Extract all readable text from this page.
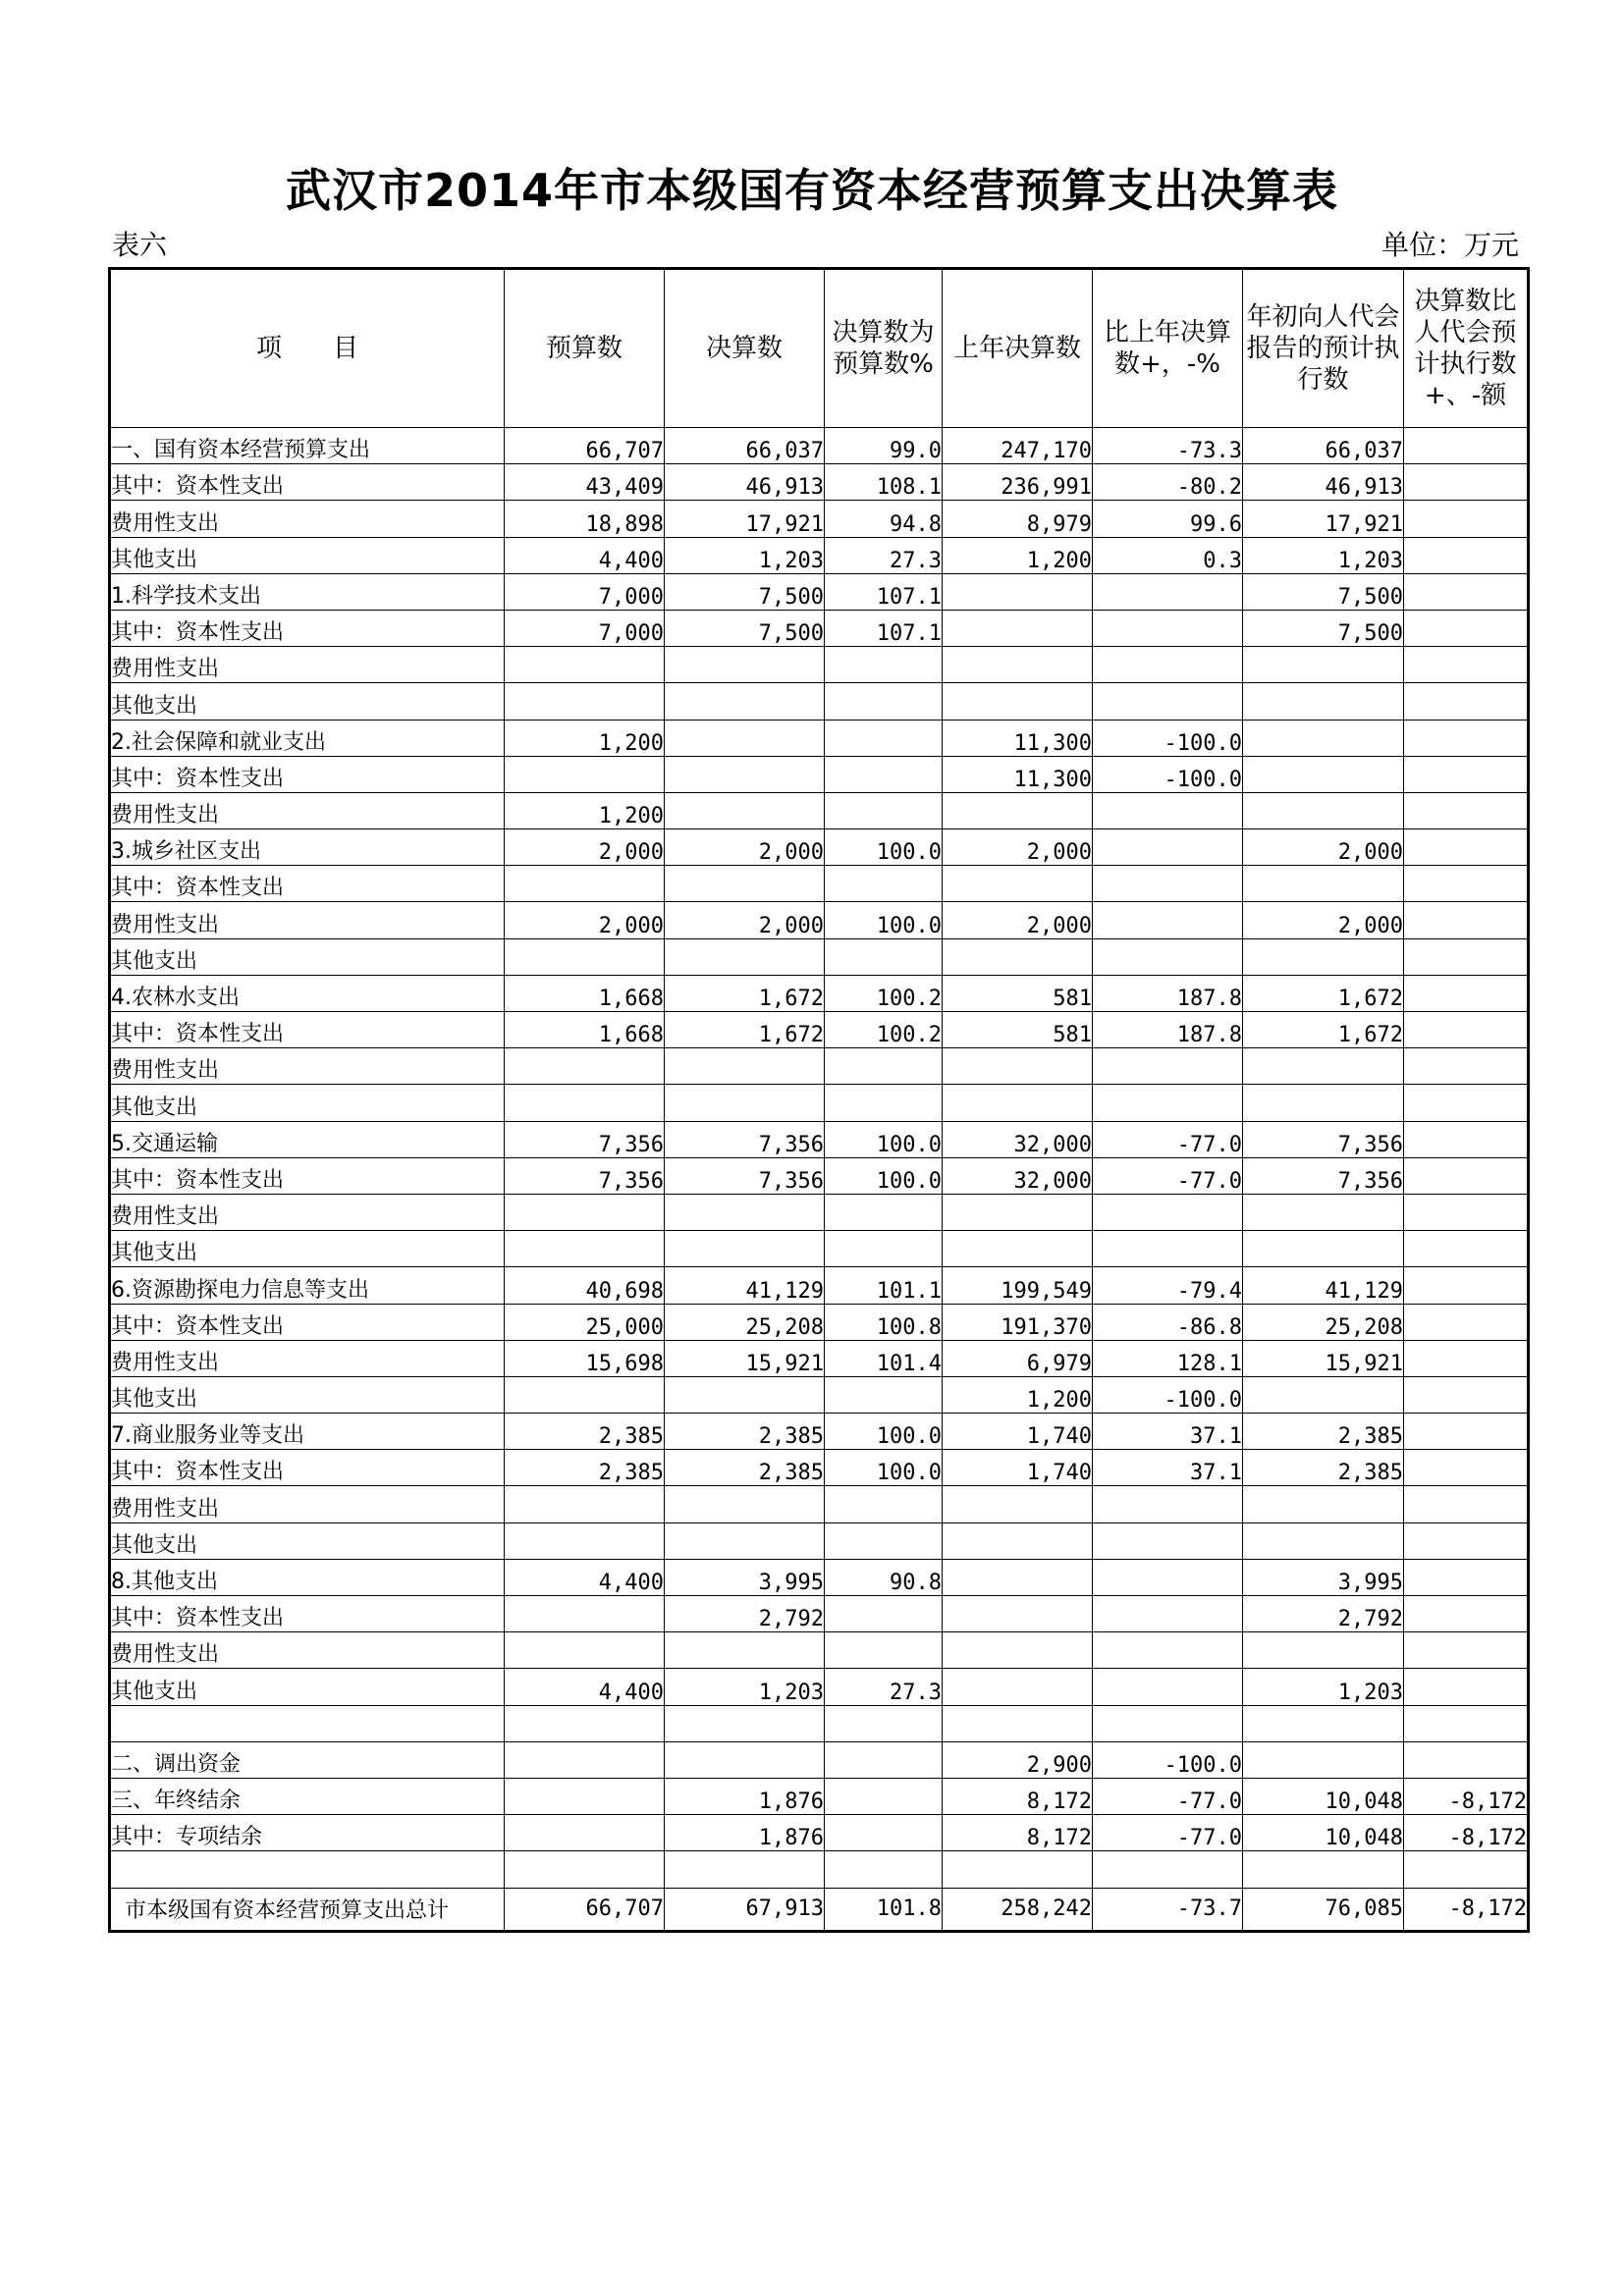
武汉市2014年市本级国有资本经营预算支出决算表
表六	单位：万元
项　　目	预算数	决算数	决算数为预算数%	上年决算数	比上年决算数+，-%	年初向人代会报告的预计执行数	决算数比人代会预计执行数+、-额
一、国有资本经营预算支出	66,707	66,037	99.0	247,170	-73.3	66,037	
其中：资本性支出	43,409	46,913	108.1	236,991	-80.2	46,913	
费用性支出	18,898	17,921	94.8	8,979	99.6	17,921	
其他支出	4,400	1,203	27.3	1,200	0.3	1,203	
1.科学技术支出	7,000	7,500	107.1			7,500	
其中：资本性支出	7,000	7,500	107.1			7,500	
费用性支出							
其他支出							
2.社会保障和就业支出	1,200			11,300	-100.0		
其中：资本性支出				11,300	-100.0		
费用性支出	1,200						
3.城乡社区支出	2,000	2,000	100.0	2,000		2,000	
其中：资本性支出							
费用性支出	2,000	2,000	100.0	2,000		2,000	
其他支出							
4.农林水支出	1,668	1,672	100.2	581	187.8	1,672	
其中：资本性支出	1,668	1,672	100.2	581	187.8	1,672	
费用性支出							
其他支出							
5.交通运输	7,356	7,356	100.0	32,000	-77.0	7,356	
其中：资本性支出	7,356	7,356	100.0	32,000	-77.0	7,356	
费用性支出							
其他支出							
6.资源勘探电力信息等支出	40,698	41,129	101.1	199,549	-79.4	41,129	
其中：资本性支出	25,000	25,208	100.8	191,370	-86.8	25,208	
费用性支出	15,698	15,921	101.4	6,979	128.1	15,921	
其他支出				1,200	-100.0		
7.商业服务业等支出	2,385	2,385	100.0	1,740	37.1	2,385	
其中：资本性支出	2,385	2,385	100.0	1,740	37.1	2,385	
费用性支出							
其他支出							
8.其他支出	4,400	3,995	90.8			3,995	
其中：资本性支出		2,792				2,792	
费用性支出							
其他支出	4,400	1,203	27.3			1,203	

二、调出资金				2,900	-100.0		
三、年终结余		1,876		8,172	-77.0	10,048	-8,172
其中：专项结余		1,876		8,172	-77.0	10,048	-8,172

市本级国有资本经营预算支出总计	66,707	67,913	101.8	258,242	-73.7	76,085	-8,172
